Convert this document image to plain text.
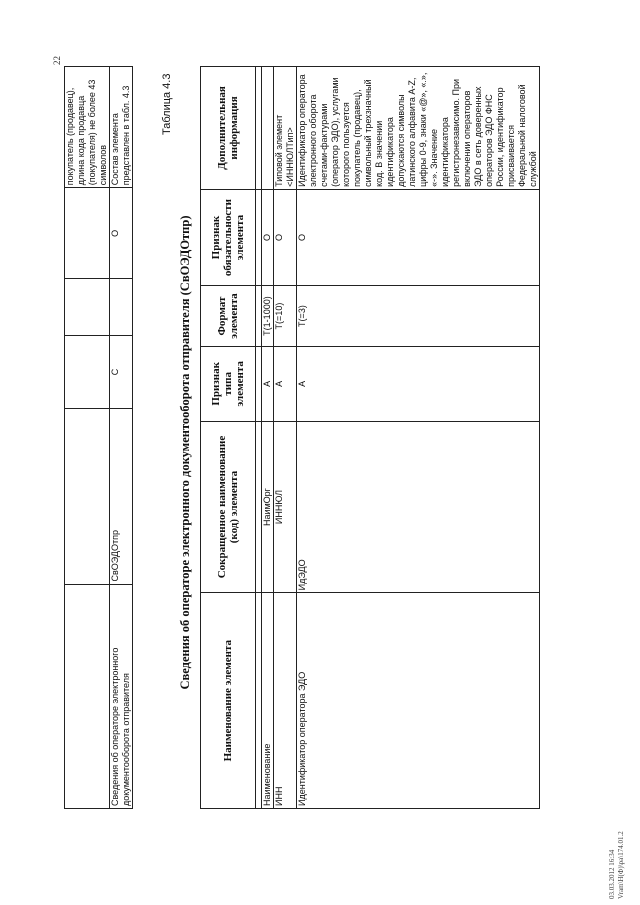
22
					покупатель (продавец), длина кода продавца (покупателя) не более 43 символов
Сведения об операторе электронного документооборота отправителя	СвОЭДОтпр	С		О	Состав элемента представлен в табл. 4.3	Таблица 4.3
Сведения об операторе электронного документооборота отправителя (СвОЭДОтпр)
Наименование элемента	Сокращенное наименование (код) элемента	Признак типа элемента	Формат элемента	Признак обязательности элемента	Дополнительная информация

Наименование	НаимОрг	А	T(1-1000)	О	
ИНН	ИННЮЛ	А	T(=10)	О	Типовой элемент <ИННЮЛТип>
Идентификатор оператора ЭДО	ИдЭДО	А	T(=3)	О	Идентификатор оператора электронного оборота счетами-фактурами (оператор ЭДО), услугами которого пользуется покупатель (продавец), символьный трехзначный код. В значении идентификатора допускаются символы латинского алфавита A-Z, цифры 0-9, знаки «@», «.», «-». Значение идентификатора регистронезависимо. При включении операторов ЭДО в сеть доверенных операторов ЭДО ФНС России, идентификатор присваивается Федеральной налоговой службой
03.03.2012 16:34 Vram\Н(Ф)\pa\174.01.2
